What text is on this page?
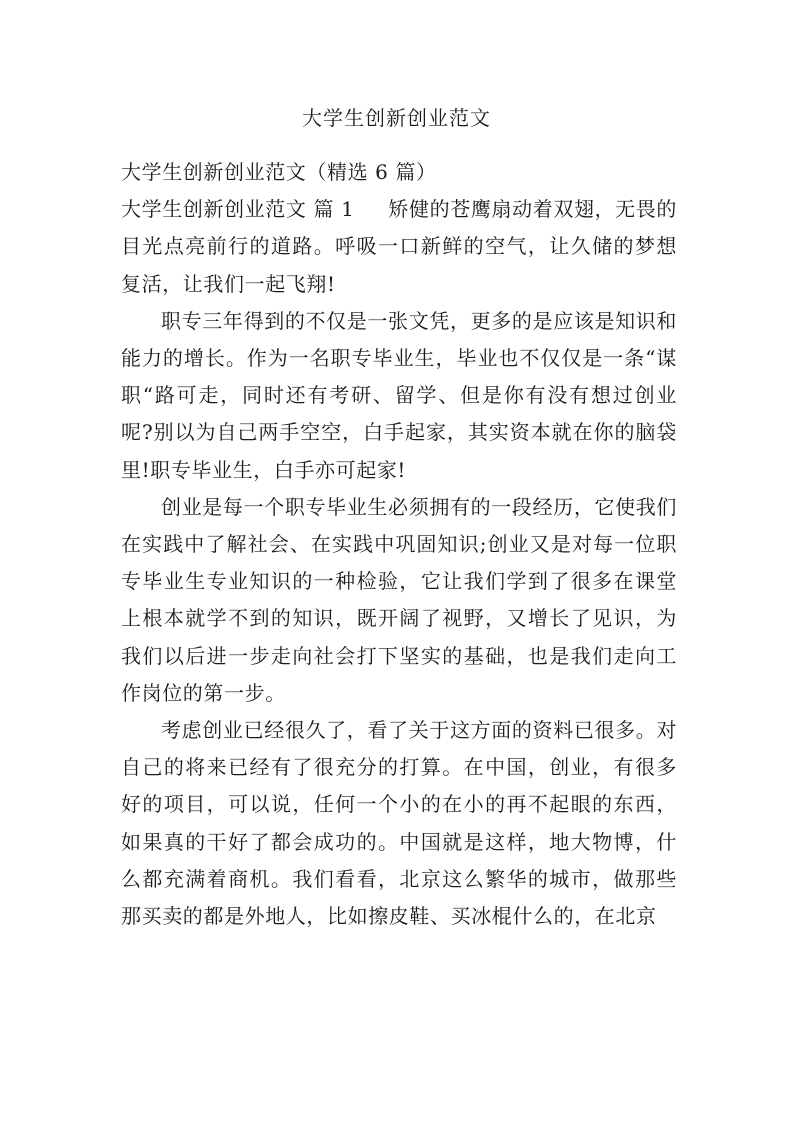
大学生创新创业范文

大学生创新创业范文（精选 6 篇）

大学生创新创业范文 篇 1 矫健的苍鹰扇动着双翅，无畏的目光点亮前行的道路。呼吸一口新鲜的空气，让久储的梦想复活，让我们一起飞翔!

职专三年得到的不仅是一张文凭，更多的是应该是知识和能力的增长。作为一名职专毕业生，毕业也不仅仅是一条“谋职“路可走，同时还有考研、留学、但是你有没有想过创业呢?别以为自己两手空空，白手起家，其实资本就在你的脑袋里!职专毕业生，白手亦可起家!

创业是每一个职专毕业生必须拥有的一段经历，它使我们在实践中了解社会、在实践中巩固知识;创业又是对每一位职专毕业生专业知识的一种检验，它让我们学到了很多在课堂上根本就学不到的知识，既开阔了视野，又增长了见识，为我们以后进一步走向社会打下坚实的基础，也是我们走向工作岗位的第一步。

考虑创业已经很久了，看了关于这方面的资料已很多。对自己的将来已经有了很充分的打算。在中国，创业，有很多好的项目，可以说，任何一个小的在小的再不起眼的东西，如果真的干好了都会成功的。中国就是这样，地大物博，什么都充满着商机。我们看看，北京这么繁华的城市，做那些那买卖的都是外地人，比如擦皮鞋、买冰棍什么的，在北京
